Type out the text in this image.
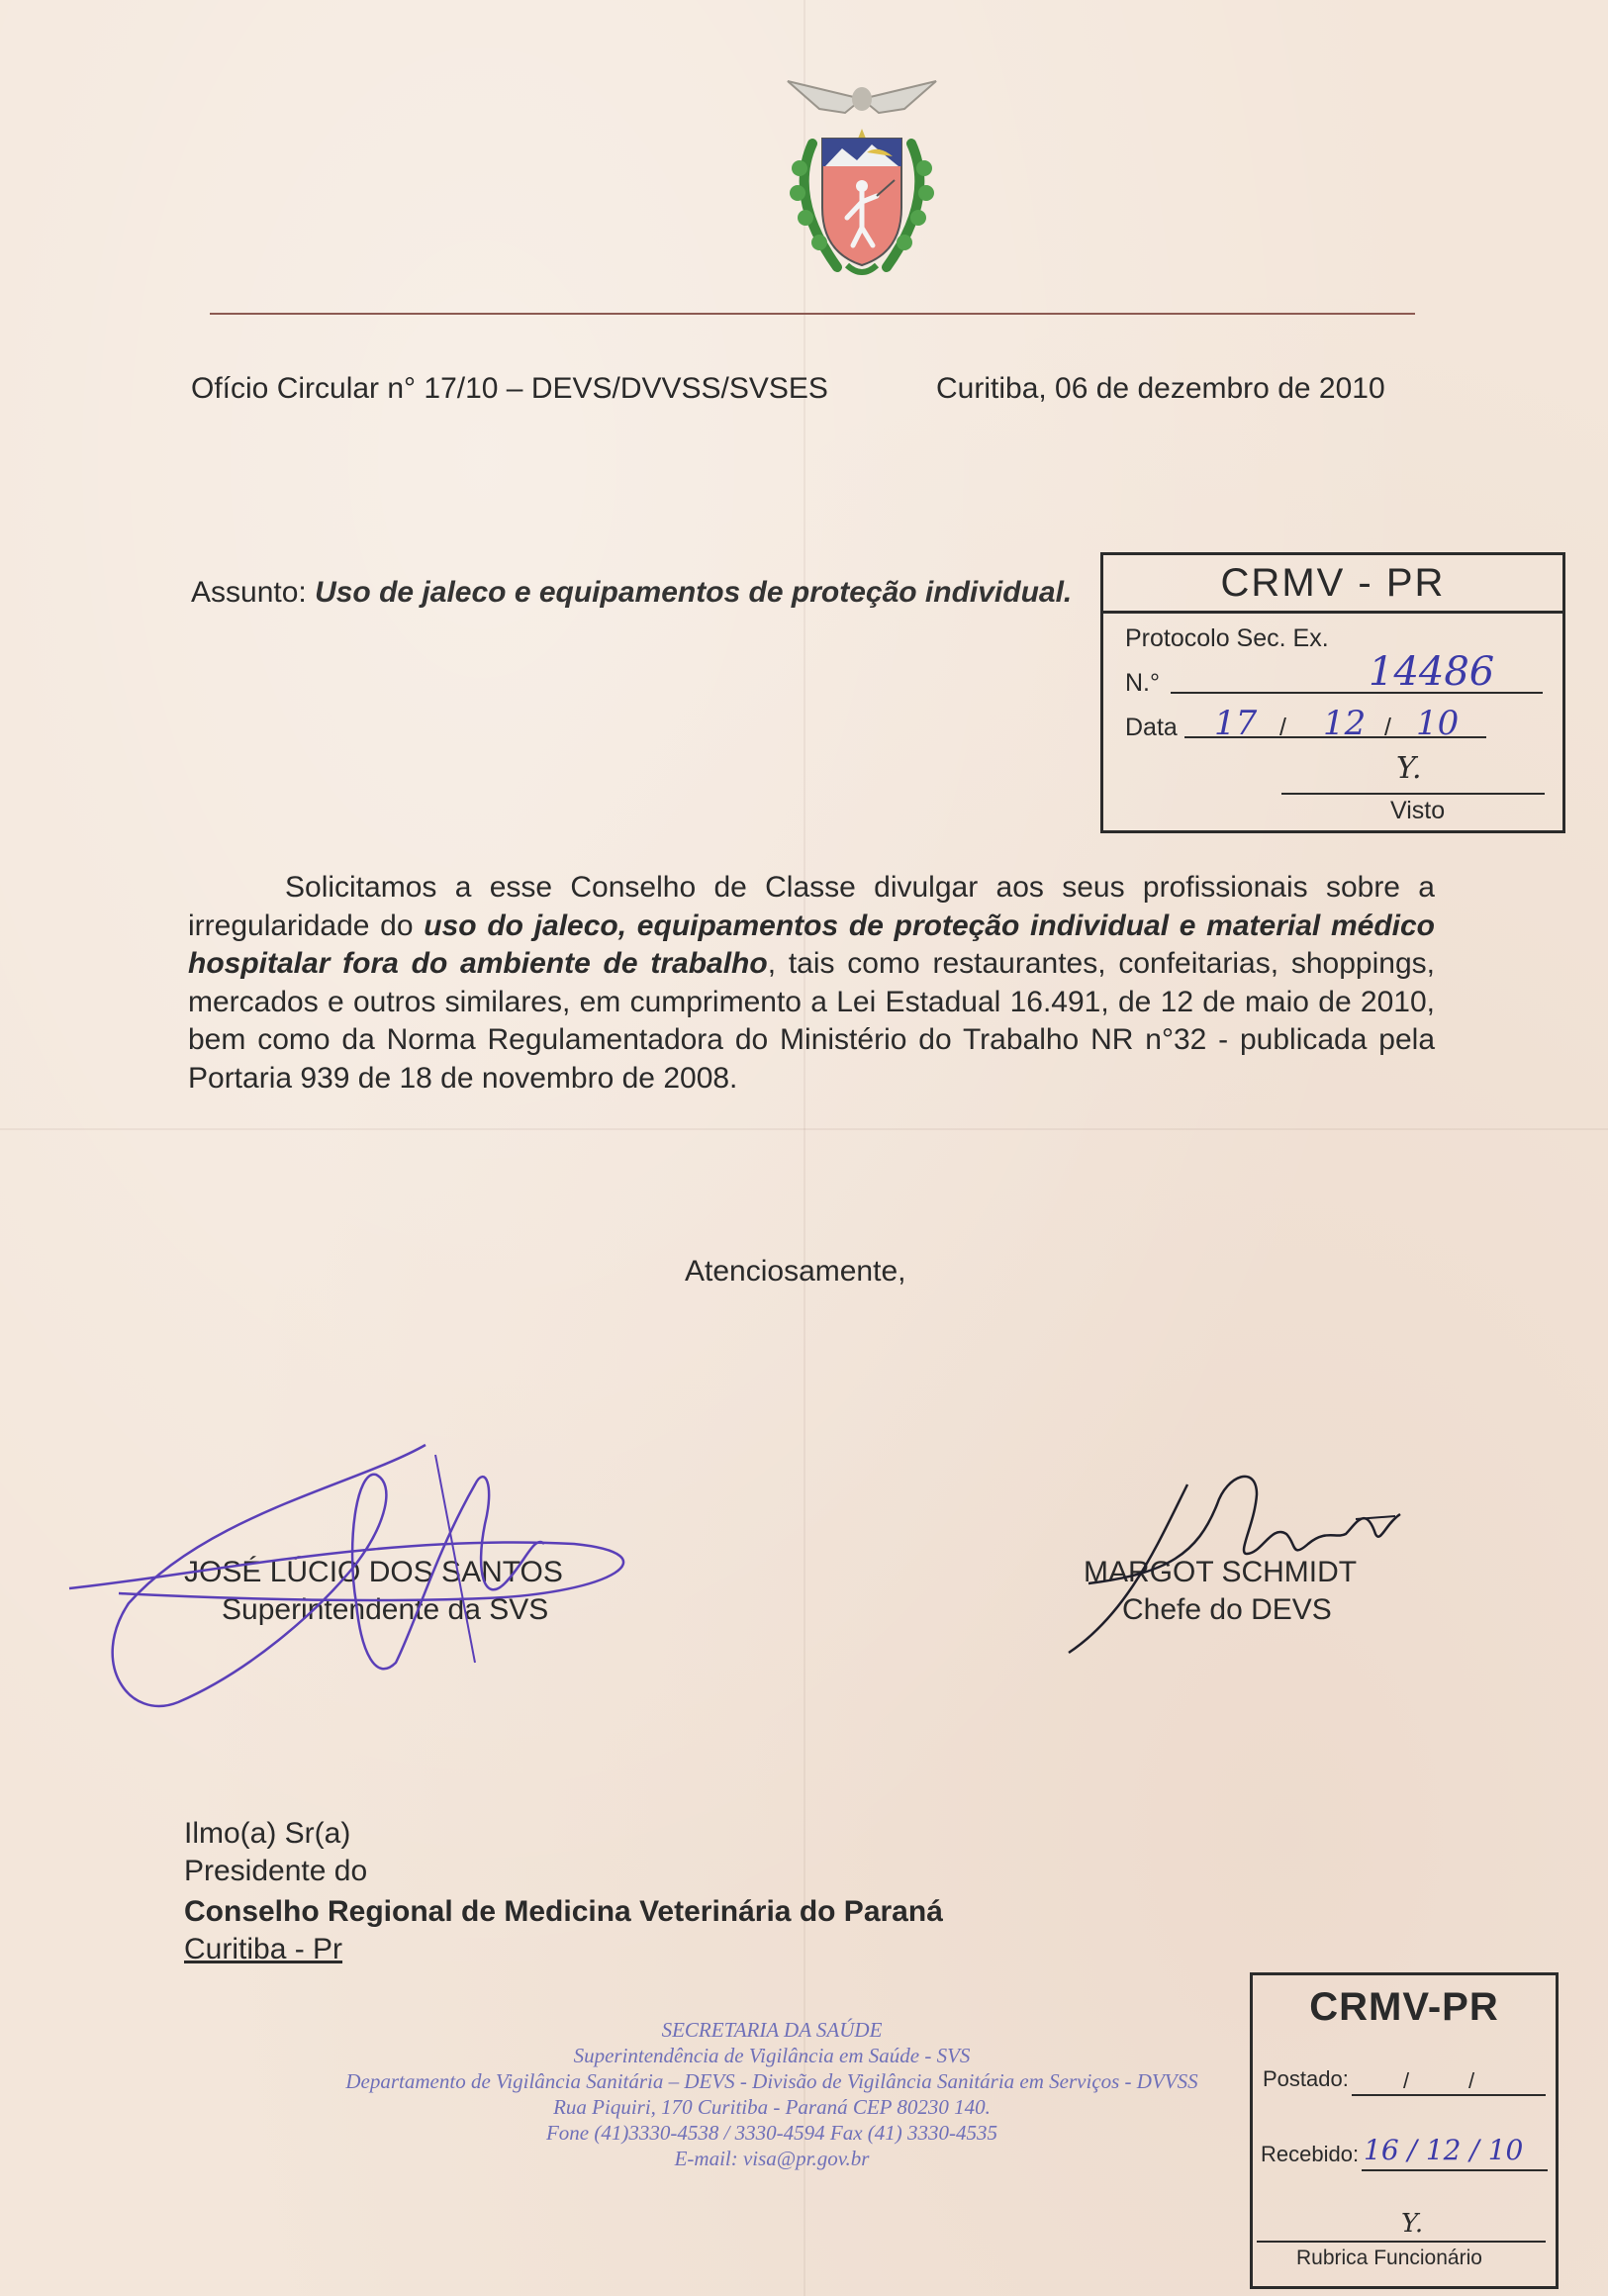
Ofício Circular n° 17/10 – DEVS/DVVSS/SVSES	Curitiba, 06 de dezembro de 2010
Assunto: Uso de jaleco e equipamentos de proteção individual.	CRMV - PR
Protocolo Sec. Ex.
N.°	14486
Data 17 / 12 / 10
Y.
Visto
Solicitamos a esse Conselho de Classe divulgar aos seus profissionais sobre a irregularidade do uso do jaleco, equipamentos de proteção individual e material médico hospitalar fora do ambiente de trabalho, tais como restaurantes, confeitarias, shoppings, mercados e outros similares, em cumprimento a Lei Estadual 16.491, de 12 de maio de 2010, bem como da Norma Regulamentadora do Ministério do Trabalho NR n°32 - publicada pela Portaria 939 de 18 de novembro de 2008.
Atenciosamente,
JOSÉ LÚCIO DOS SANTOS
Superintendente da SVS
MARGOT SCHMIDT
Chefe do DEVS
Ilmo(a) Sr(a)
Presidente do
Conselho Regional de Medicina Veterinária do Paraná
Curitiba - Pr
SECRETARIA DA SAÚDE
Superintendência de Vigilância em Saúde - SVS
Departamento de Vigilância Sanitária – DEVS - Divisão de Vigilância Sanitária em Serviços - DVVSS
Rua Piquiri, 170 Curitiba - Paraná CEP 80230 140.
Fone (41)3330-4538 / 3330-4594 Fax (41) 3330-4535
E-mail: visa@pr.gov.br
CRMV-PR
Postado:	/	/
Recebido: 16 / 12 / 10
Y.
Rubrica Funcionário
